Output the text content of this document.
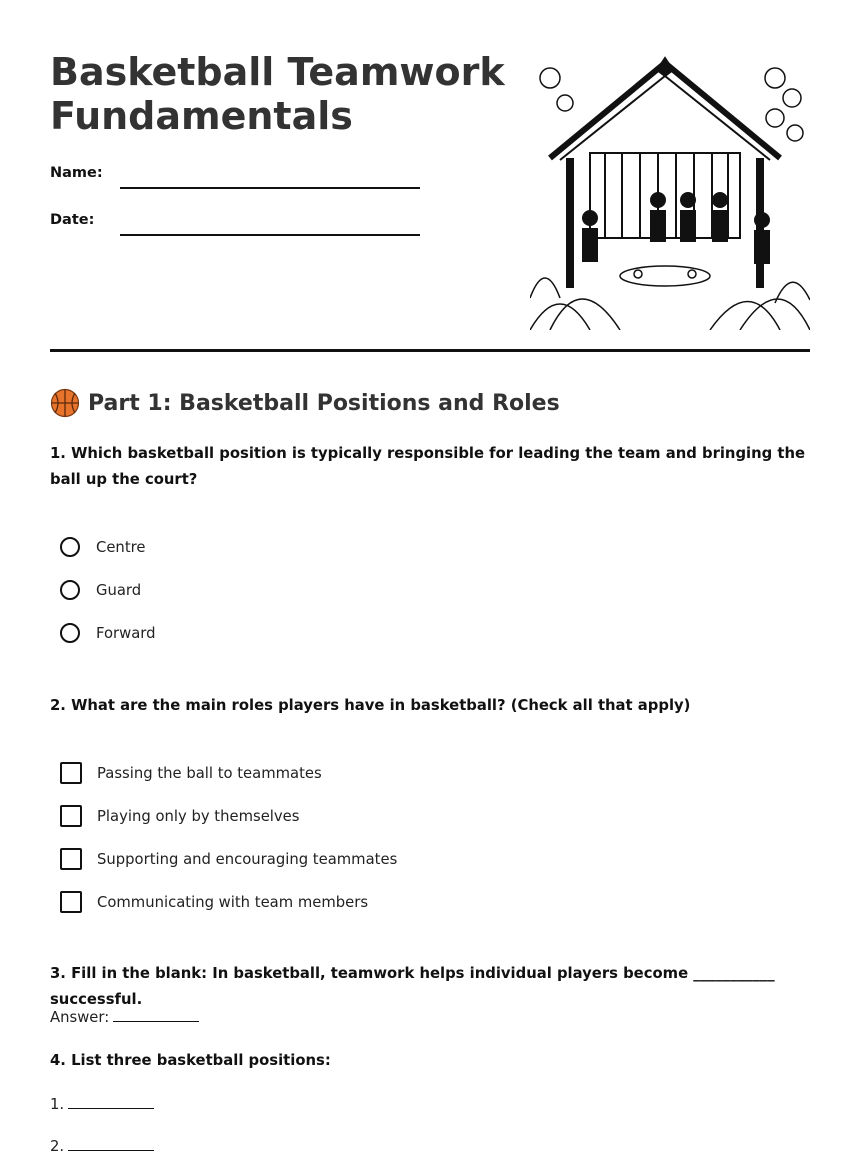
Basketball Teamwork
Fundamentals
Name:
Date:
Part 1: Basketball Positions and Roles

1. Which basketball position is typically responsible for leading the team and bringing the ball up the court?

Centre
Guard
Forward

2. What are the main roles players have in basketball? (Check all that apply)

Passing the ball to teammates
Playing only by themselves
Supporting and encouraging teammates
Communicating with team members

3. Fill in the blank: In basketball, teamwork helps individual players become ___________ successful.

Answer:

4. List three basketball positions:

1.
2.
